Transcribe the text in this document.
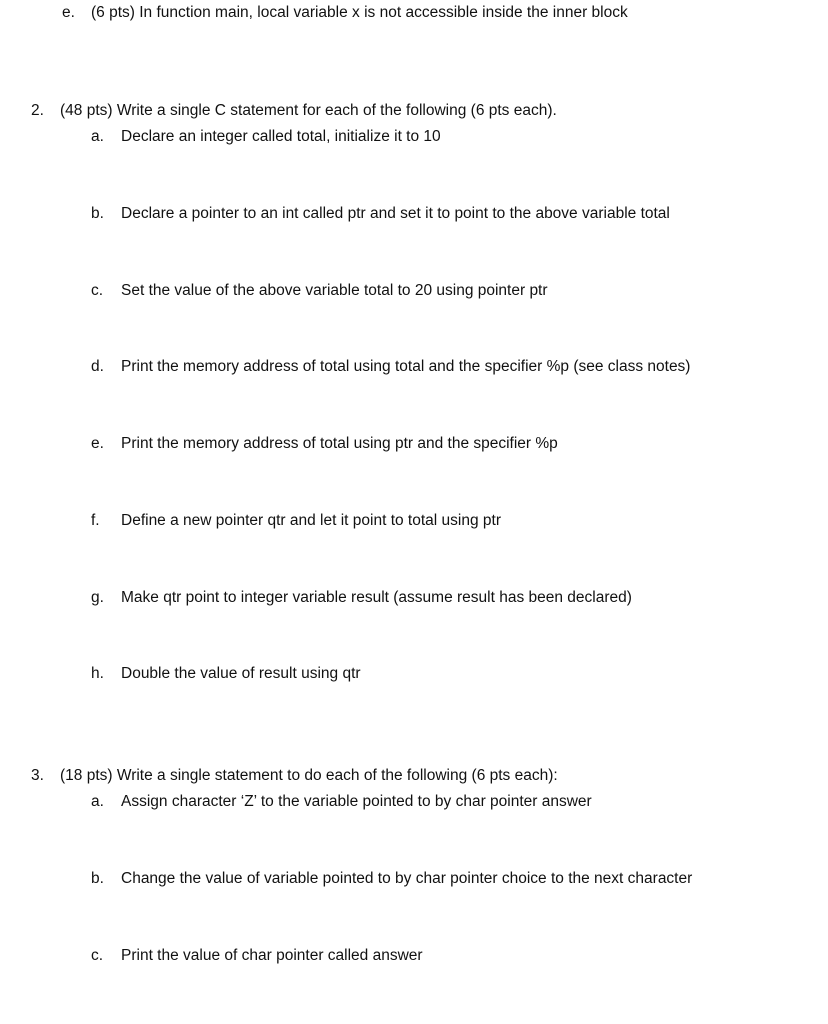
e. (6 pts) In function main, local variable x is not accessible inside the inner block
2. (48 pts) Write a single C statement for each of the following (6 pts each).
a. Declare an integer called total, initialize it to 10
b. Declare a pointer to an int called ptr and set it to point to the above variable total
c. Set the value of the above variable total to 20 using pointer ptr
d. Print the memory address of total using total and the specifier %p (see class notes)
e. Print the memory address of total using ptr and the specifier %p
f. Define a new pointer qtr and let it point to total using ptr
g. Make qtr point to integer variable result (assume result has been declared)
h. Double the value of result using qtr
3. (18 pts) Write a single statement to do each of the following (6 pts each):
a. Assign character ‘Z’ to the variable pointed to by char pointer answer
b. Change the value of variable pointed to by char pointer choice to the next character
c. Print the value of char pointer called answer
